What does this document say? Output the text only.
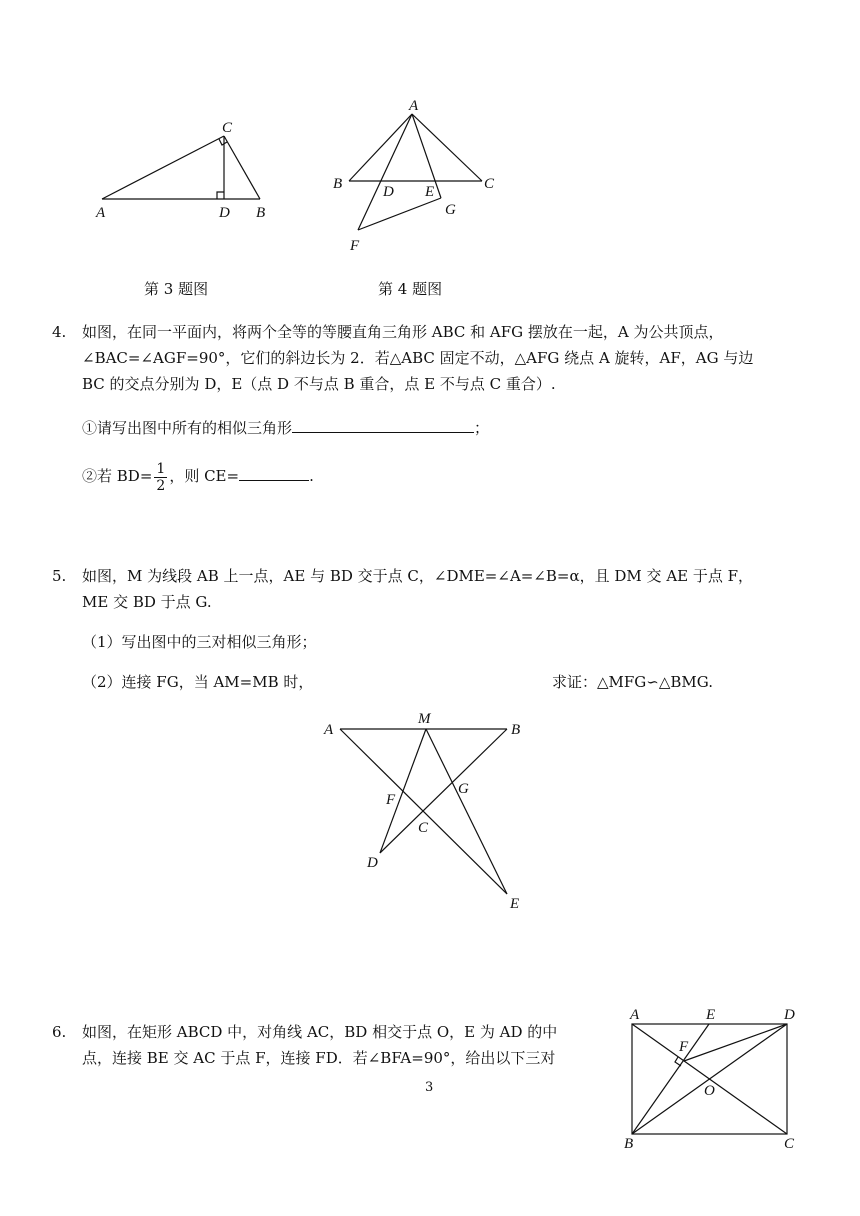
C
A	D B
第 3 题图
A
B	C
D E
G
F
第 4 题图
4. 如图，在同一平面内，将两个全等的等腰直角三角形 ABC 和 AFG 摆放在一起，A 为公共顶点，
∠BAC=∠AGF=90°，它们的斜边长为 2．若△ABC 固定不动，△AFG 绕点 A 旋转，AF，AG 与边
BC 的交点分别为 D，E（点 D 不与点 B 重合，点 E 不与点 C 重合）.
①请写出图中所有的相似三角形	；
②若 $BD= \frac{1}{2}$ ，则 CE=	.
5. 如图，M 为线段 AB 上一点，AE 与 BD 交于点 C，∠DME=∠A=∠B=α，且 DM 交 AE 于点 F，
ME 交 BD 于点 G.
（1）写出图中的三对相似三角形；
（2）连接 FG，当 AM=MB 时，	求证：△MFG∽△BMG.
A
M
B
F
G
C
D
E
6. 如图，在矩形 ABCD 中，对角线 AC，BD 相交于点 O，E 为 AD 的中
点，连接 BE 交 AC 于点 F，连接 FD．若∠BFA=90°，给出以下三对
A	E	D
F
O
B	C
3
